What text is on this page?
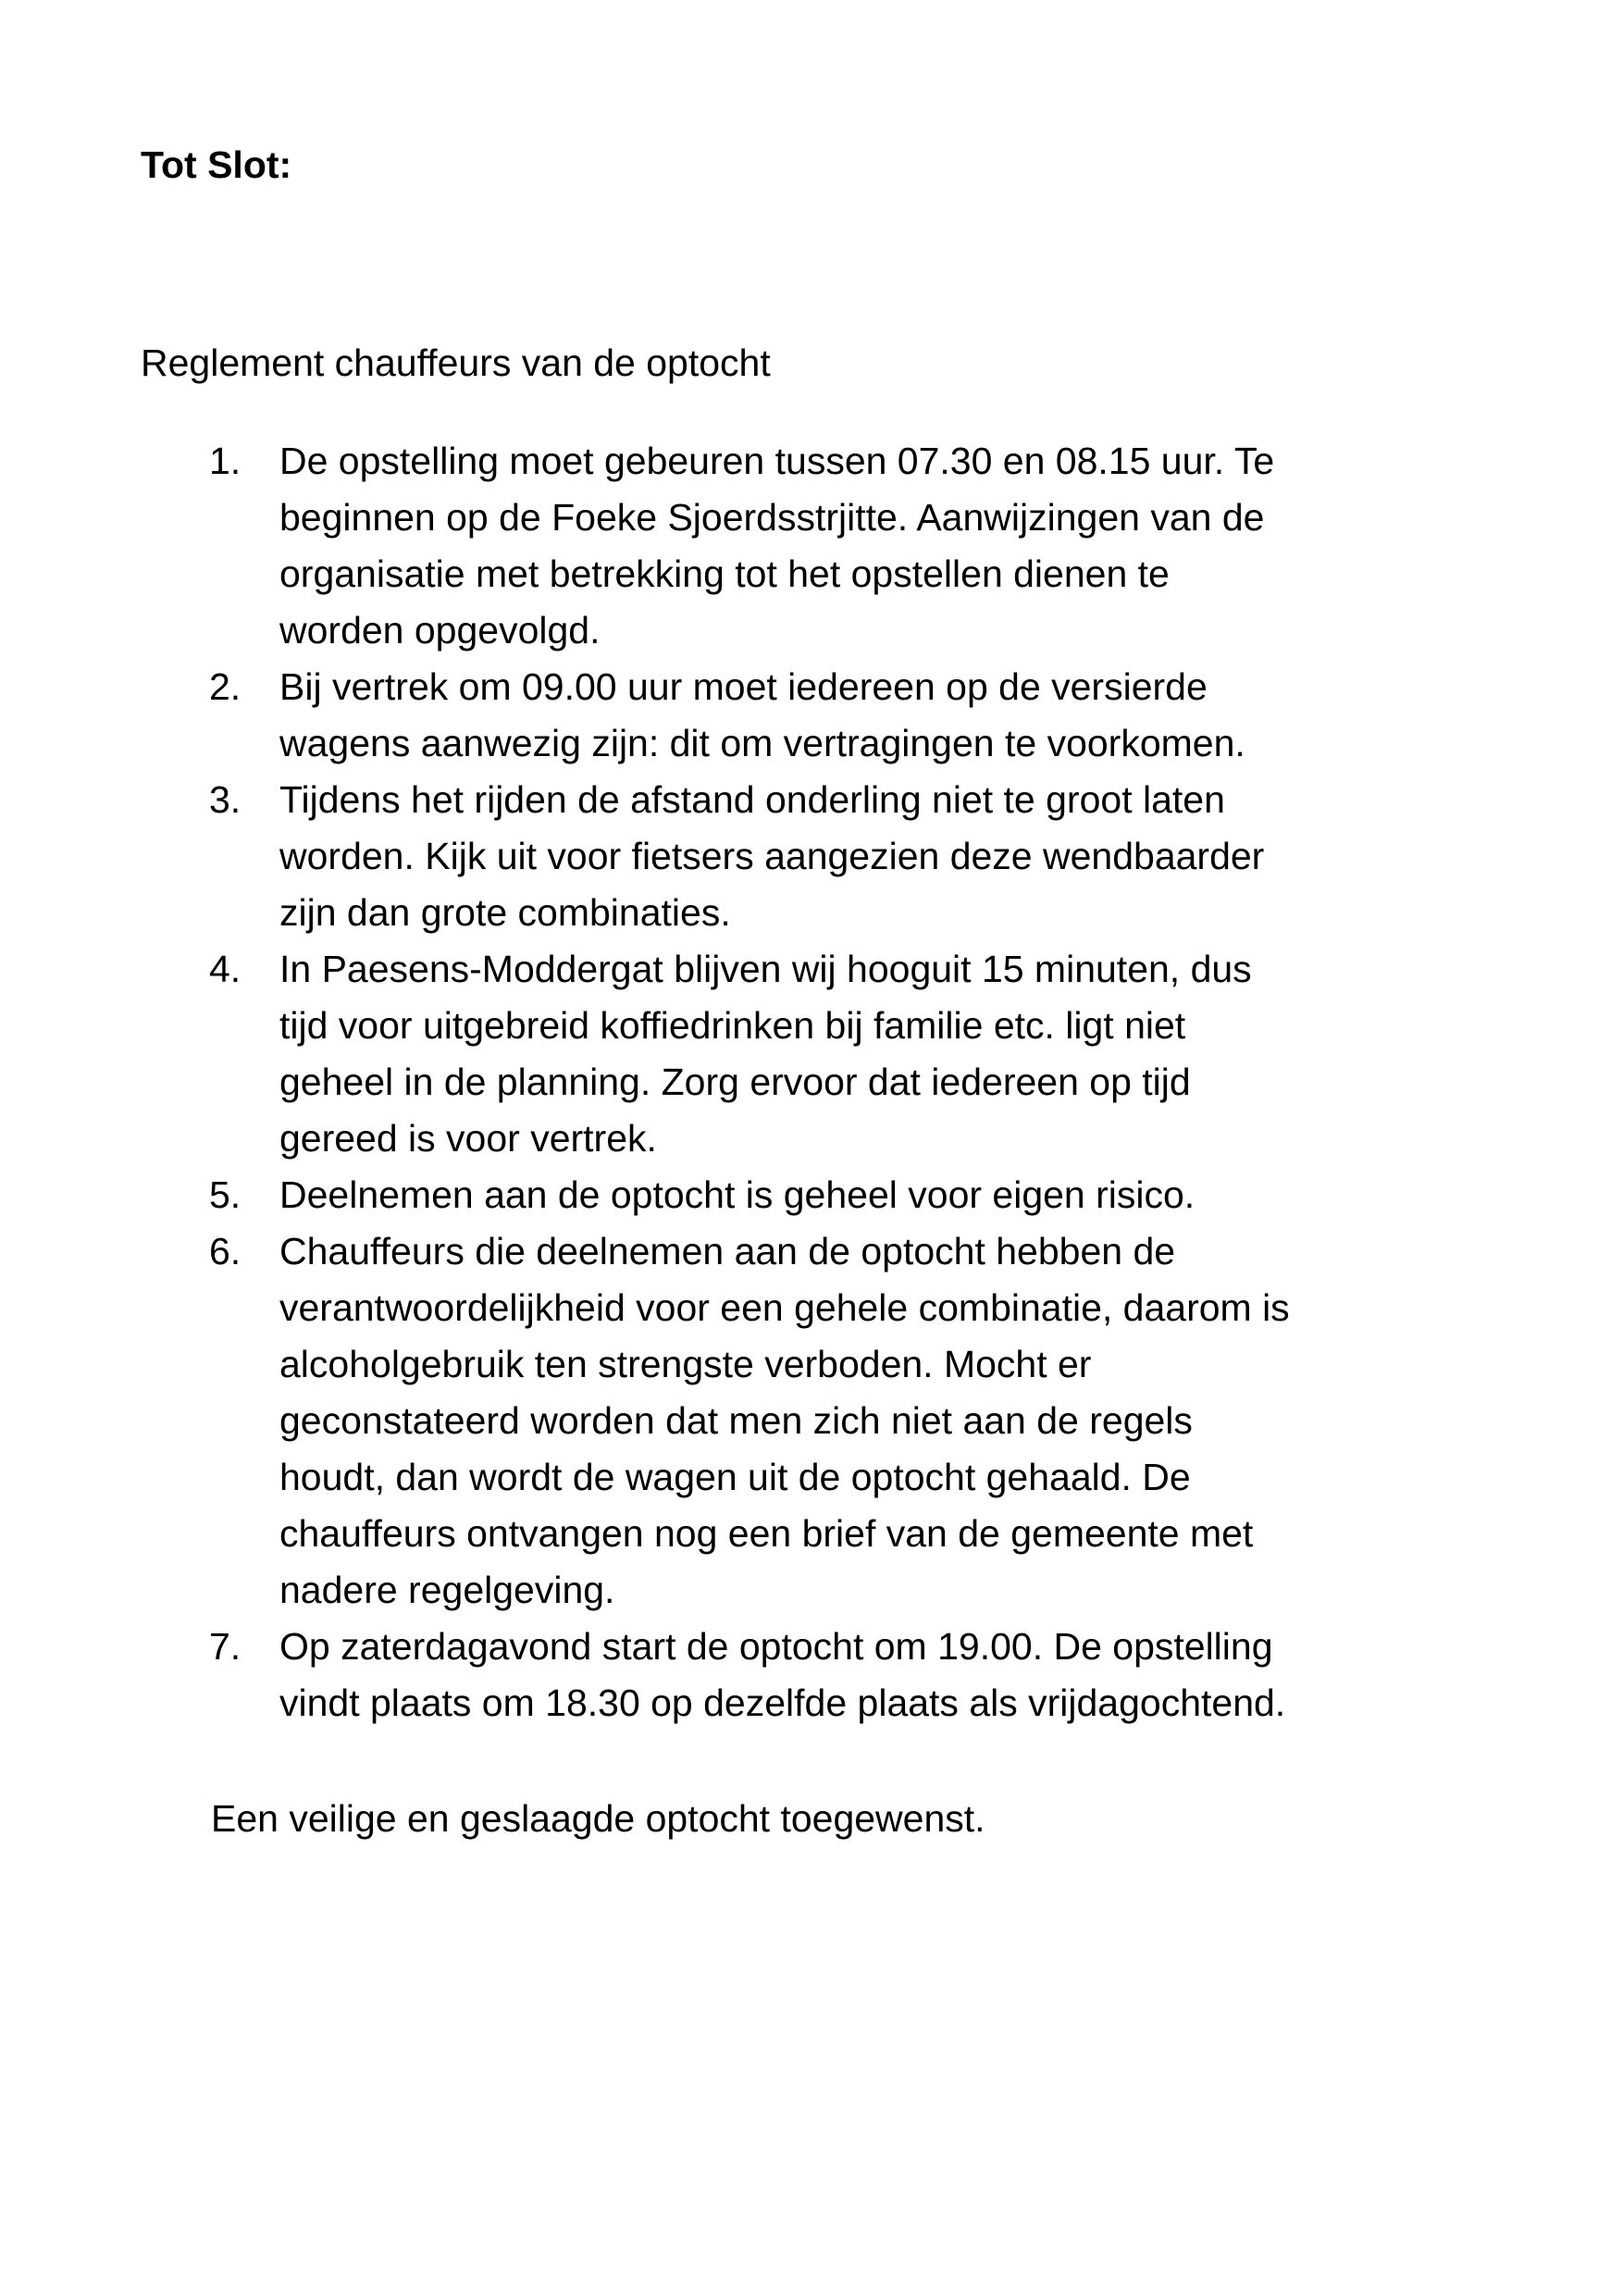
Tot Slot:

Reglement chauffeurs van de optocht

1. De opstelling moet gebeuren tussen 07.30 en 08.15 uur. Te
beginnen op de Foeke Sjoerdsstrjitte. Aanwijzingen van de
organisatie met betrekking tot het opstellen dienen te
worden opgevolgd.
2. Bij vertrek om 09.00 uur moet iedereen op de versierde
wagens aanwezig zijn: dit om vertragingen te voorkomen.
3. Tijdens het rijden de afstand onderling niet te groot laten
worden. Kijk uit voor fietsers aangezien deze wendbaarder
zijn dan grote combinaties.
4. In Paesens-Moddergat blijven wij hooguit 15 minuten, dus
tijd voor uitgebreid koffiedrinken bij familie etc. ligt niet
geheel in de planning. Zorg ervoor dat iedereen op tijd
gereed is voor vertrek.
5. Deelnemen aan de optocht is geheel voor eigen risico.
6. Chauffeurs die deelnemen aan de optocht hebben de
verantwoordelijkheid voor een gehele combinatie, daarom is
alcoholgebruik ten strengste verboden. Mocht er
geconstateerd worden dat men zich niet aan de regels
houdt, dan wordt de wagen uit de optocht gehaald. De
chauffeurs ontvangen nog een brief van de gemeente met
nadere regelgeving.
7. Op zaterdagavond start de optocht om 19.00. De opstelling
vindt plaats om 18.30 op dezelfde plaats als vrijdagochtend.

Een veilige en geslaagde optocht toegewenst.
